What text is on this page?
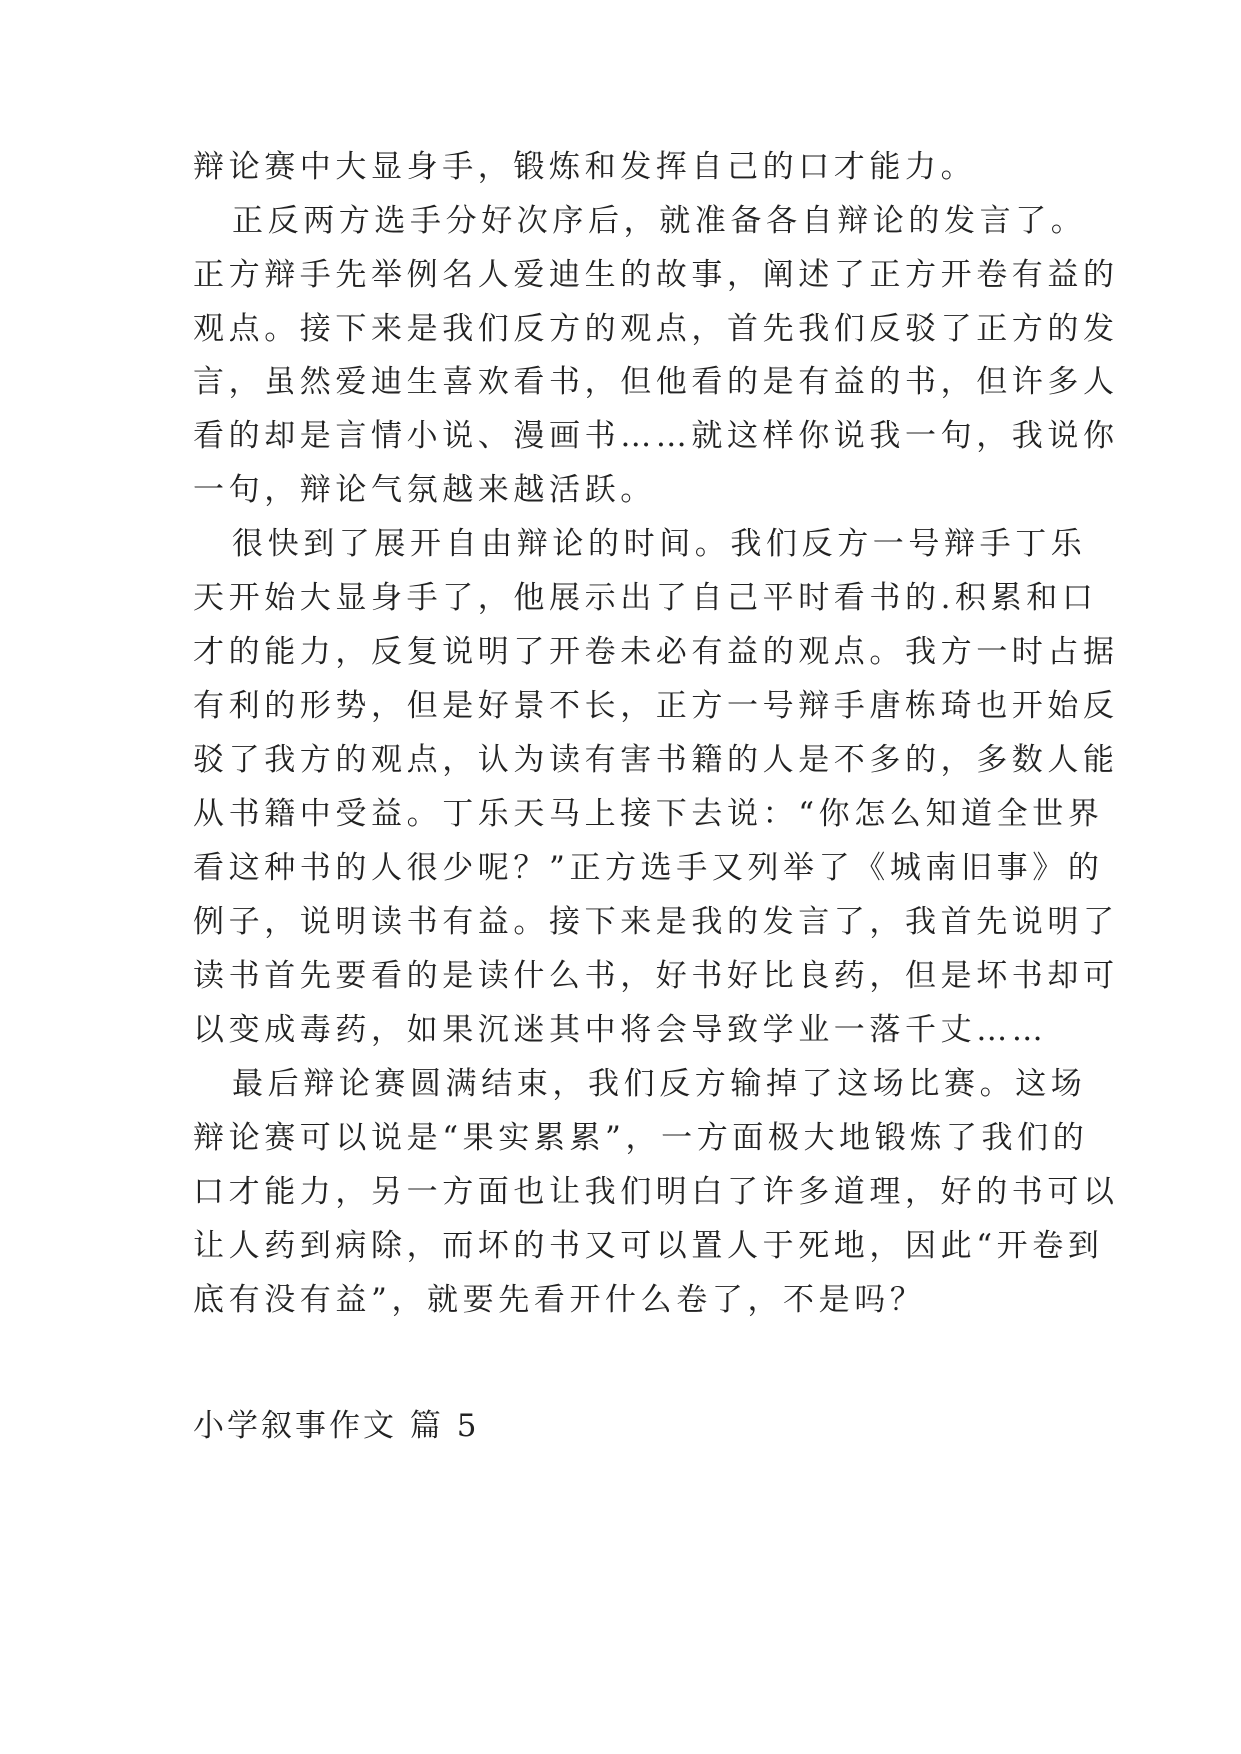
辩论赛中大显身手，锻炼和发挥自己的口才能力。
正反两方选手分好次序后，就准备各自辩论的发言了。
正方辩手先举例名人爱迪生的故事，阐述了正方开卷有益的
观点。接下来是我们反方的观点，首先我们反驳了正方的发
言，虽然爱迪生喜欢看书，但他看的是有益的书，但许多人
看的却是言情小说、漫画书……就这样你说我一句，我说你
一句，辩论气氛越来越活跃。
很快到了展开自由辩论的时间。我们反方一号辩手丁乐
天开始大显身手了，他展示出了自己平时看书的.积累和口
才的能力，反复说明了开卷未必有益的观点。我方一时占据
有利的形势，但是好景不长，正方一号辩手唐栋琦也开始反
驳了我方的观点，认为读有害书籍的人是不多的，多数人能
从书籍中受益。丁乐天马上接下去说：“你怎么知道全世界
看这种书的人很少呢？”正方选手又列举了《城南旧事》的
例子，说明读书有益。接下来是我的发言了，我首先说明了
读书首先要看的是读什么书，好书好比良药，但是坏书却可
以变成毒药，如果沉迷其中将会导致学业一落千丈……
最后辩论赛圆满结束，我们反方输掉了这场比赛。这场
辩论赛可以说是“果实累累”，一方面极大地锻炼了我们的
口才能力，另一方面也让我们明白了许多道理，好的书可以
让人药到病除，而坏的书又可以置人于死地，因此“开卷到
底有没有益”，就要先看开什么卷了，不是吗？
小学叙事作文 篇 5
